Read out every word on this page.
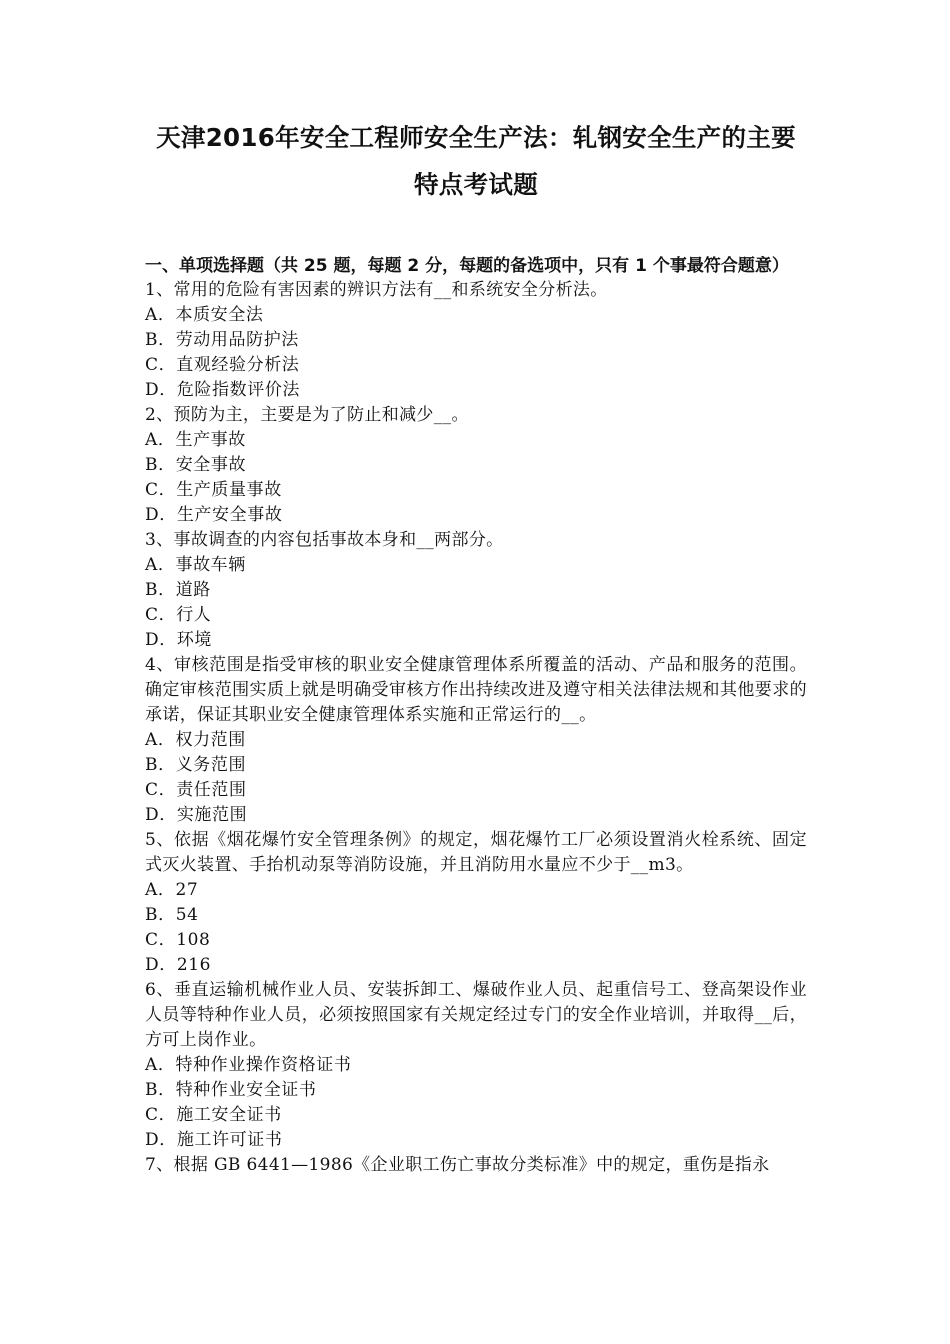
天津2016年安全工程师安全生产法：轧钢安全生产的主要特点考试题
一、单项选择题（共 25 题，每题 2 分，每题的备选项中，只有 1 个事最符合题意）
1、常用的危险有害因素的辨识方法有__和系统安全分析法。
A．本质安全法
B．劳动用品防护法
C．直观经验分析法
D．危险指数评价法
2、预防为主，主要是为了防止和减少__。
A．生产事故
B．安全事故
C．生产质量事故
D．生产安全事故
3、事故调查的内容包括事故本身和__两部分。
A．事故车辆
B．道路
C．行人
D．环境
4、审核范围是指受审核的职业安全健康管理体系所覆盖的活动、产品和服务的范围。确定审核范围实质上就是明确受审核方作出持续改进及遵守相关法律法规和其他要求的承诺，保证其职业安全健康管理体系实施和正常运行的__。
A．权力范围
B．义务范围
C．责任范围
D．实施范围
5、依据《烟花爆竹安全管理条例》的规定，烟花爆竹工厂必须设置消火栓系统、固定式灭火装置、手抬机动泵等消防设施，并且消防用水量应不少于__m3。
A．27
B．54
C．108
D．216
6、垂直运输机械作业人员、安装拆卸工、爆破作业人员、起重信号工、登高架设作业人员等特种作业人员，必须按照国家有关规定经过专门的安全作业培训，并取得__后，方可上岗作业。
A．特种作业操作资格证书
B．特种作业安全证书
C．施工安全证书
D．施工许可证书
7、根据 GB 6441—1986《企业职工伤亡事故分类标准》中的规定，重伤是指永
